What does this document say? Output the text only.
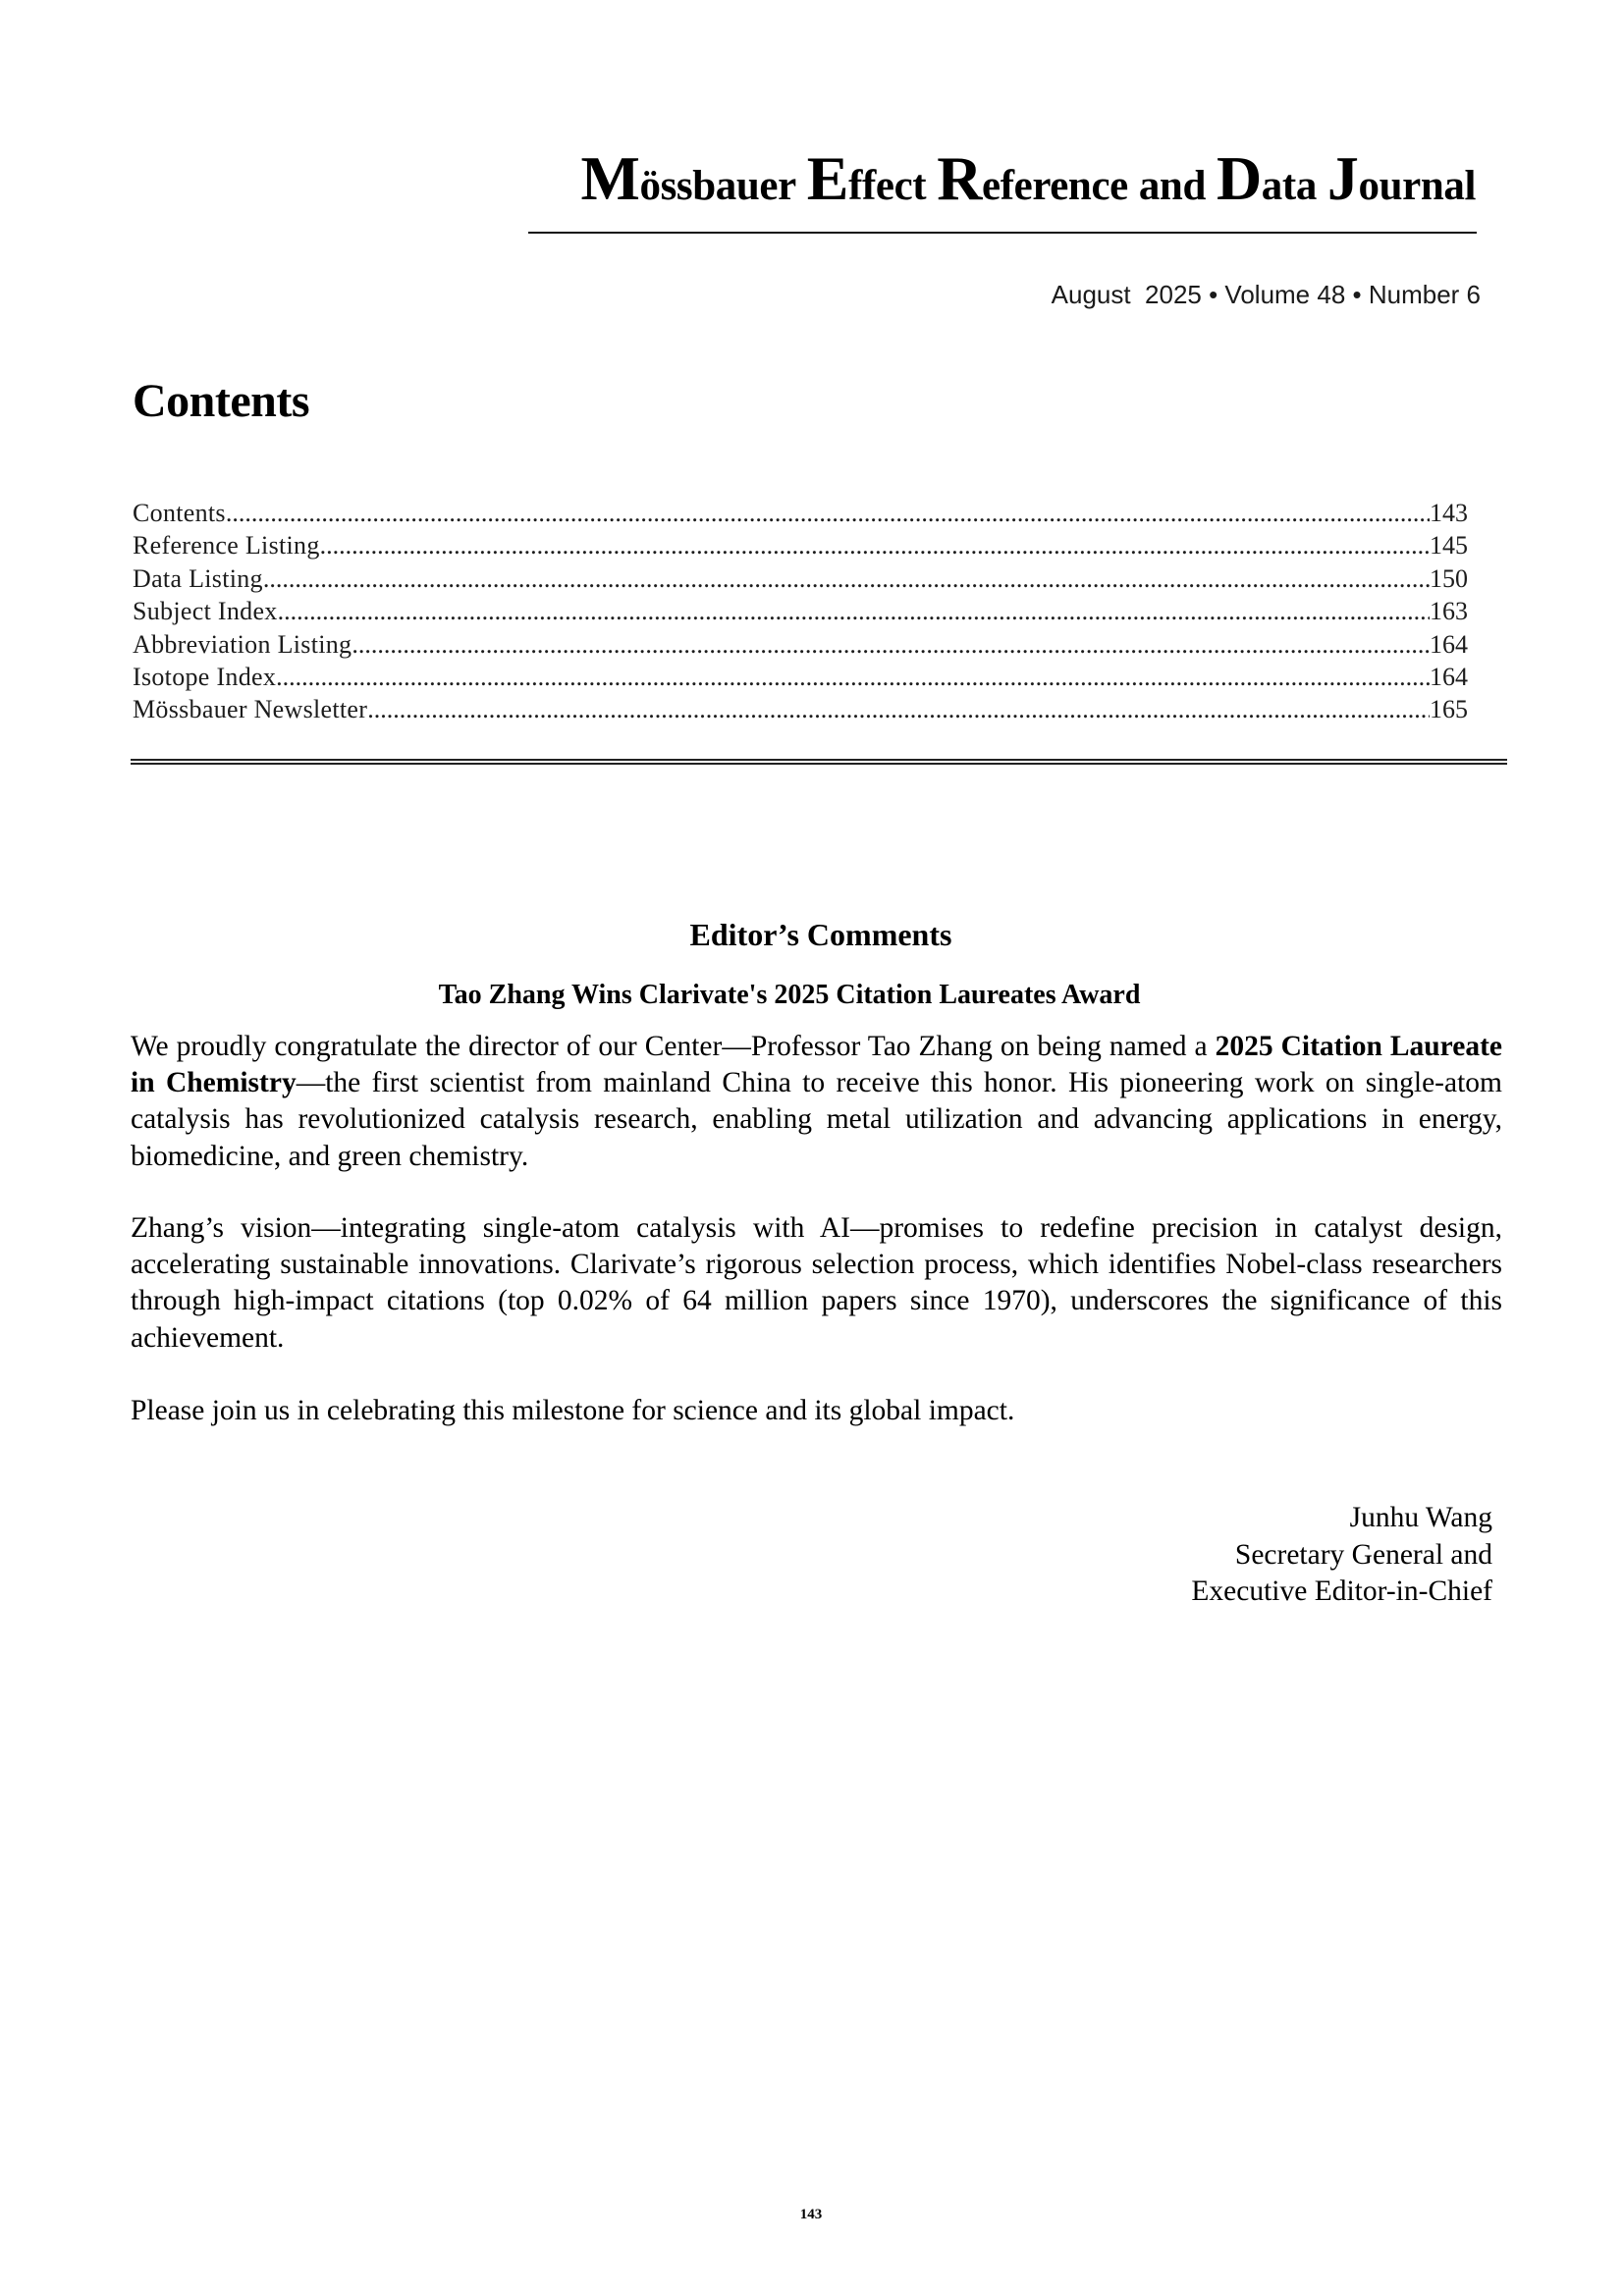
Mössbauer Effect Reference and Data Journal
August  2025 • Volume 48 • Number 6
Contents
Contents .....	143
Reference Listing .....	145
Data Listing .....	150
Subject Index .....	163
Abbreviation Listing .....	164
Isotope Index .....	164
Mössbauer Newsletter .....	165
Editor’s Comments
Tao Zhang Wins Clarivate's 2025 Citation Laureates Award

We proudly congratulate the director of our Center—Professor Tao Zhang on being named a 2025 Citation Laureate in Chemistry—the first scientist from mainland China to receive this honor. His pioneering work on single-atom catalysis has revolutionized catalysis research, enabling metal utilization and advancing applications in energy, biomedicine, and green chemistry.

Zhang’s vision—integrating single-atom catalysis with AI—promises to redefine precision in catalyst design, accelerating sustainable innovations. Clarivate’s rigorous selection process, which identifies Nobel-class researchers through high-impact citations (top 0.02% of 64 million papers since 1970), underscores the significance of this achievement.

Please join us in celebrating this milestone for science and its global impact.

Junhu Wang
Secretary General and
Executive Editor-in-Chief
143
